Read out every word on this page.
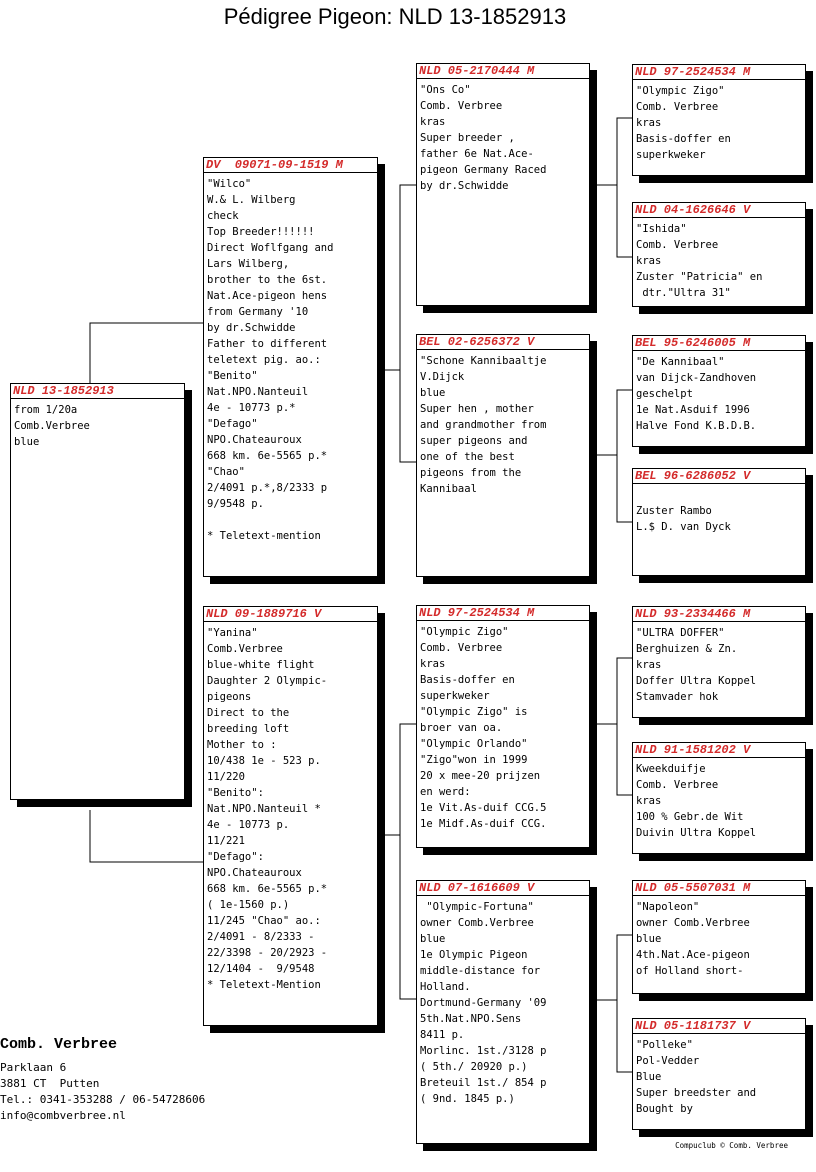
Pédigree Pigeon: NLD 13-1852913
NLD 13-1852913
from 1/20a
Comb.Verbree
blue
DV  09071-09-1519 M
"Wilco"
W.& L. Wilberg
check
Top Breeder!!!!!!
Direct Woflfgang and
Lars Wilberg,
brother to the 6st.
Nat.Ace-pigeon hens
from Germany '10
by dr.Schwidde
Father to different
teletext pig. ao.:
"Benito"
Nat.NPO.Nanteuil
4e - 10773 p.*
"Defago"
NPO.Chateauroux
668 km. 6e-5565 p.*
"Chao"
2/4091 p.*,8/2333 p
9/9548 p.

* Teletext-mention
NLD 09-1889716 V
"Yanina"
Comb.Verbree
blue-white flight
Daughter 2 Olympic-
pigeons
Direct to the
breeding loft
Mother to :
10/438 1e - 523 p.
11/220
"Benito":
Nat.NPO.Nanteuil *
4e - 10773 p.
11/221
"Defago":
NPO.Chateauroux
668 km. 6e-5565 p.*
( 1e-1560 p.)
11/245 "Chao" ao.:
2/4091 - 8/2333 -
22/3398 - 20/2923 -
12/1404 -  9/9548
* Teletext-Mention
NLD 05-2170444 M
"Ons Co"
Comb. Verbree
kras
Super breeder ,
father 6e Nat.Ace-
pigeon Germany Raced
by dr.Schwidde
BEL 02-6256372 V
"Schone Kannibaaltje
V.Dijck
blue
Super hen , mother
and grandmother from
super pigeons and
one of the best
pigeons from the
Kannibaal
NLD 97-2524534 M
"Olympic Zigo"
Comb. Verbree
kras
Basis-doffer en
superkweker
"Olympic Zigo" is
broer van oa.
"Olympic Orlando"
"Zigo"won in 1999
20 x mee-20 prijzen
en werd:
1e Vit.As-duif CCG.5
1e Midf.As-duif CCG.
NLD 07-1616609 V
"Olympic-Fortuna"
owner Comb.Verbree
blue
1e Olympic Pigeon
middle-distance for
Holland.
Dortmund-Germany '09
5th.Nat.NPO.Sens
8411 p.
Morlinc. 1st./3128 p
( 5th./ 20920 p.)
Breteuil 1st./ 854 p
( 9nd. 1845 p.)
NLD 97-2524534 M
"Olympic Zigo"
Comb. Verbree
kras
Basis-doffer en
superkweker
NLD 04-1626646 V
"Ishida"
Comb. Verbree
kras
Zuster "Patricia" en
dtr."Ultra 31"
BEL 95-6246005 M
"De Kannibaal"
van Dijck-Zandhoven
geschelpt
1e Nat.Asduif 1996
Halve Fond K.B.D.B.
BEL 96-6286052 V

Zuster Rambo
L.$ D. van Dyck
NLD 93-2334466 M
"ULTRA DOFFER"
Berghuizen & Zn.
kras
Doffer Ultra Koppel
Stamvader hok
NLD 91-1581202 V
Kweekduifje
Comb. Verbree
kras
100 % Gebr.de Wit
Duivin Ultra Koppel
NLD 05-5507031 M
"Napoleon"
owner Comb.Verbree
blue
4th.Nat.Ace-pigeon
of Holland short-
NLD 05-1181737 V
"Polleke"
Pol-Vedder
Blue
Super breedster and
Bought by
Comb. Verbree
Parklaan 6
3881 CT  Putten
Tel.: 0341-353288 / 06-54728606
info@combverbree.nl
Compuclub © Comb. Verbree
